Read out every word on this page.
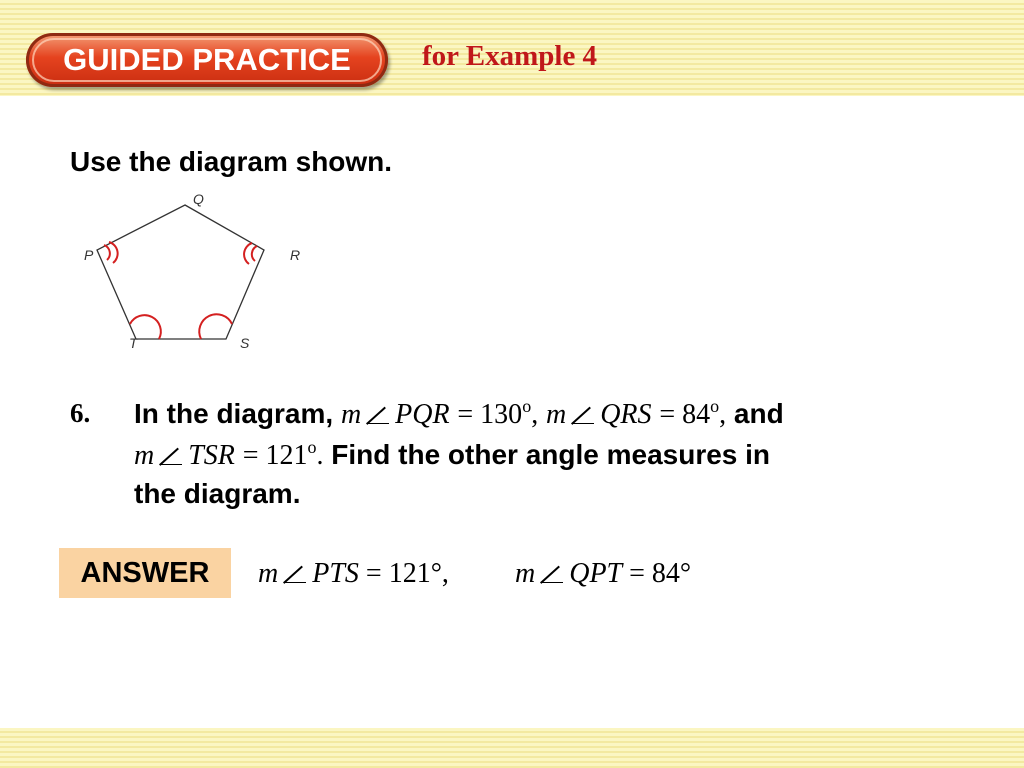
GUIDED PRACTICE	for Example 4
Use the diagram shown.
Q
R
S
T
P
6. In the diagram, m PQR = $130^o$, m QRS = $84^o$, and
m TSR = $121^o$. Find the other angle measures in
the diagram.
ANSWER	m PTS = 121°, m QPT = 84°
